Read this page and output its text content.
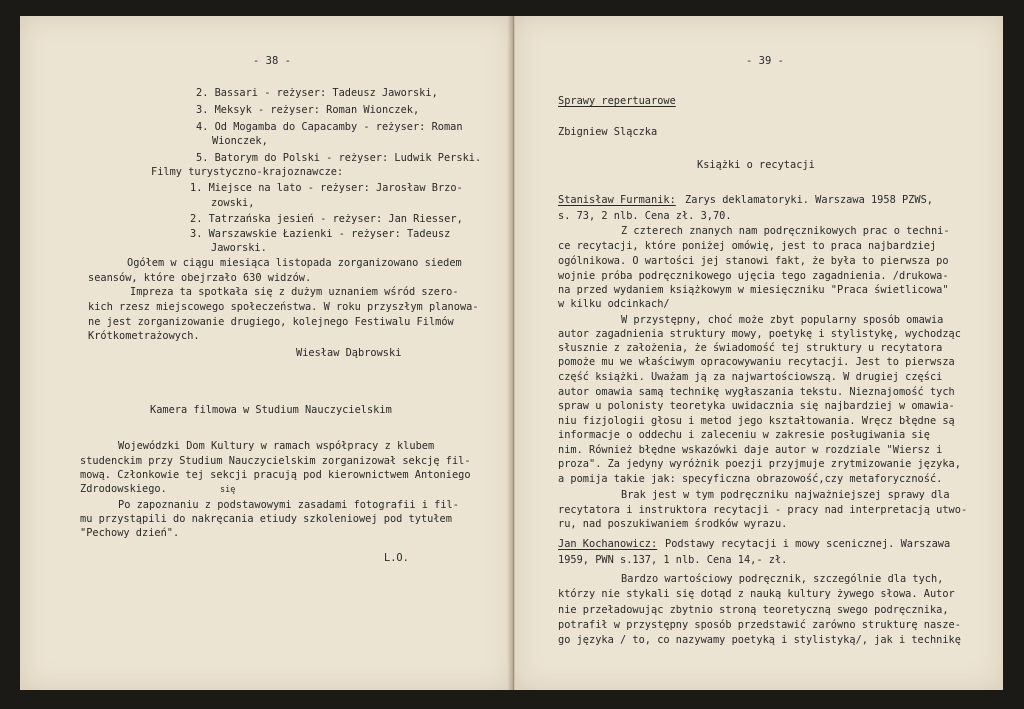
- 38 -
2. Bassari - reżyser: Tadeusz Jaworski,
3. Meksyk - reżyser: Roman Wionczek,
4. Od Mogamba do Capacamby - reżyser: Roman
Wionczek,
5. Batorym do Polski - reżyser: Ludwik Perski.
Filmy turystyczno-krajoznawcze:
1. Miejsce na lato - reżyser: Jarosław Brzo-
zowski,
2. Tatrzańska jesień - reżyser: Jan Riesser,
3. Warszawskie Łazienki - reżyser: Tadeusz
Jaworski.
Ogółem w ciągu miesiąca listopada zorganizowano siedem
seansów, które obejrzało 630 widzów.
Impreza ta spotkała się z dużym uznaniem wśród szero-
kich rzesz miejscowego społeczeństwa. W roku przyszłym planowa-
ne jest zorganizowanie drugiego, kolejnego Festiwalu Filmów
Krótkometrażowych.
Wiesław Dąbrowski
Kamera filmowa w Studium Nauczycielskim
Wojewódzki Dom Kultury w ramach współpracy z klubem
studenckim przy Studium Nauczycielskim zorganizował sekcję fil-
mową. Członkowie tej sekcji pracują pod kierownictwem Antoniego
Zdrodowskiego.	się
Po zapoznaniu z podstawowymi zasadami fotografii i fil-
mu przystąpili do nakręcania etiudy szkoleniowej pod tytułem
"Pechowy dzień".
L.O.
- 39 -
Sprawy repertuarowe
Zbigniew Slączka
Książki o recytacji
Stanisław Furmanik: Zarys deklamatoryki. Warszawa 1958 PZWS,
s. 73, 2 nlb. Cena zł. 3,70.
Z czterech znanych nam podręcznikowych prac o techni-
ce recytacji, które poniżej omówię, jest to praca najbardziej
ogólnikowa. O wartości jej stanowi fakt, że była to pierwsza po
wojnie próba podręcznikowego ujęcia tego zagadnienia. /drukowa-
na przed wydaniem książkowym w miesięczniku "Praca świetlicowa"
w kilku odcinkach/
W przystępny, choć może zbyt popularny sposób omawia
autor zagadnienia struktury mowy, poetykę i stylistykę, wychodząc
słusznie z założenia, że świadomość tej struktury u recytatora
pomoże mu we właściwym opracowywaniu recytacji. Jest to pierwsza
część książki. Uważam ją za najwartościowszą. W drugiej części
autor omawia samą technikę wygłaszania tekstu. Nieznajomość tych
spraw u polonisty teoretyka uwidacznia się najbardziej w omawia-
niu fizjologii głosu i metod jego kształtowania. Wręcz błędne są
informacje o oddechu i zaleceniu w zakresie posługiwania się
nim. Również błędne wskazówki daje autor w rozdziale "Wiersz i
proza". Za jedyny wyróżnik poezji przyjmuje zrytmizowanie języka,
a pomija takie jak: specyficzna obrazowość,czy metaforyczność.
Brak jest w tym podręczniku najważniejszej sprawy dla
recytatora i instruktora recytacji - pracy nad interpretacją utwo-
ru, nad poszukiwaniem środków wyrazu.
Jan Kochanowicz: Podstawy recytacji i mowy scenicznej. Warszawa
1959, PWN s.137, 1 nlb. Cena 14,- zł.
Bardzo wartościowy podręcznik, szczególnie dla tych,
którzy nie stykali się dotąd z nauką kultury żywego słowa. Autor
nie przeładowując zbytnio stroną teoretyczną swego podręcznika,
potrafił w przystępny sposób przedstawić zarówno strukturę nasze-
go języka / to, co nazywamy poetyką i stylistyką/, jak i technikę
